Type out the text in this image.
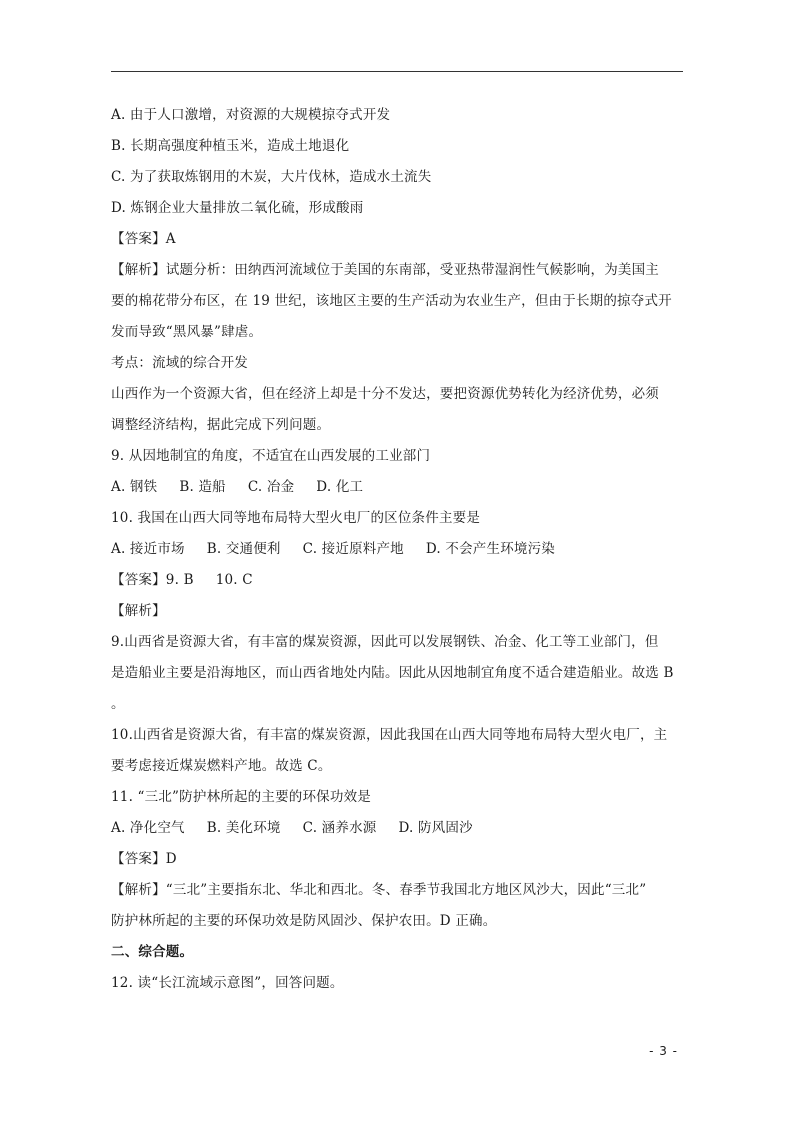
A. 由于人口激增，对资源的大规模掠夺式开发
B. 长期高强度种植玉米，造成土地退化
C. 为了获取炼钢用的木炭，大片伐林，造成水土流失
D. 炼钢企业大量排放二氧化硫，形成酸雨
【答案】A
【解析】试题分析：田纳西河流域位于美国的东南部，受亚热带湿润性气候影响，为美国主
要的棉花带分布区，在 19 世纪，该地区主要的生产活动为农业生产，但由于长期的掠夺式开
发而导致“黑风暴”肆虐。
考点：流域的综合开发
山西作为一个资源大省，但在经济上却是十分不发达，要把资源优势转化为经济优势，必须
调整经济结构，据此完成下列问题。
9. 从因地制宜的角度，不适宜在山西发展的工业部门
A. 钢铁 B. 造船 C. 冶金 D. 化工
10. 我国在山西大同等地布局特大型火电厂的区位条件主要是
A. 接近市场 B. 交通便利 C. 接近原料产地 D. 不会产生环境污染
【答案】9. B 10. C
【解析】
9.山西省是资源大省，有丰富的煤炭资源，因此可以发展钢铁、冶金、化工等工业部门，但
是造船业主要是沿海地区，而山西省地处内陆。因此从因地制宜角度不适合建造船业。故选 B
。
10.山西省是资源大省，有丰富的煤炭资源，因此我国在山西大同等地布局特大型火电厂，主
要考虑接近煤炭燃料产地。故选 C。
11. “三北”防护林所起的主要的环保功效是
A. 净化空气 B. 美化环境 C. 涵养水源 D. 防风固沙
【答案】D
【解析】“三北”主要指东北、华北和西北。冬、春季节我国北方地区风沙大，因此“三北”
防护林所起的主要的环保功效是防风固沙、保护农田。D 正确。
二、综合题。
12. 读“长江流域示意图”，回答问题。
- 3 -
